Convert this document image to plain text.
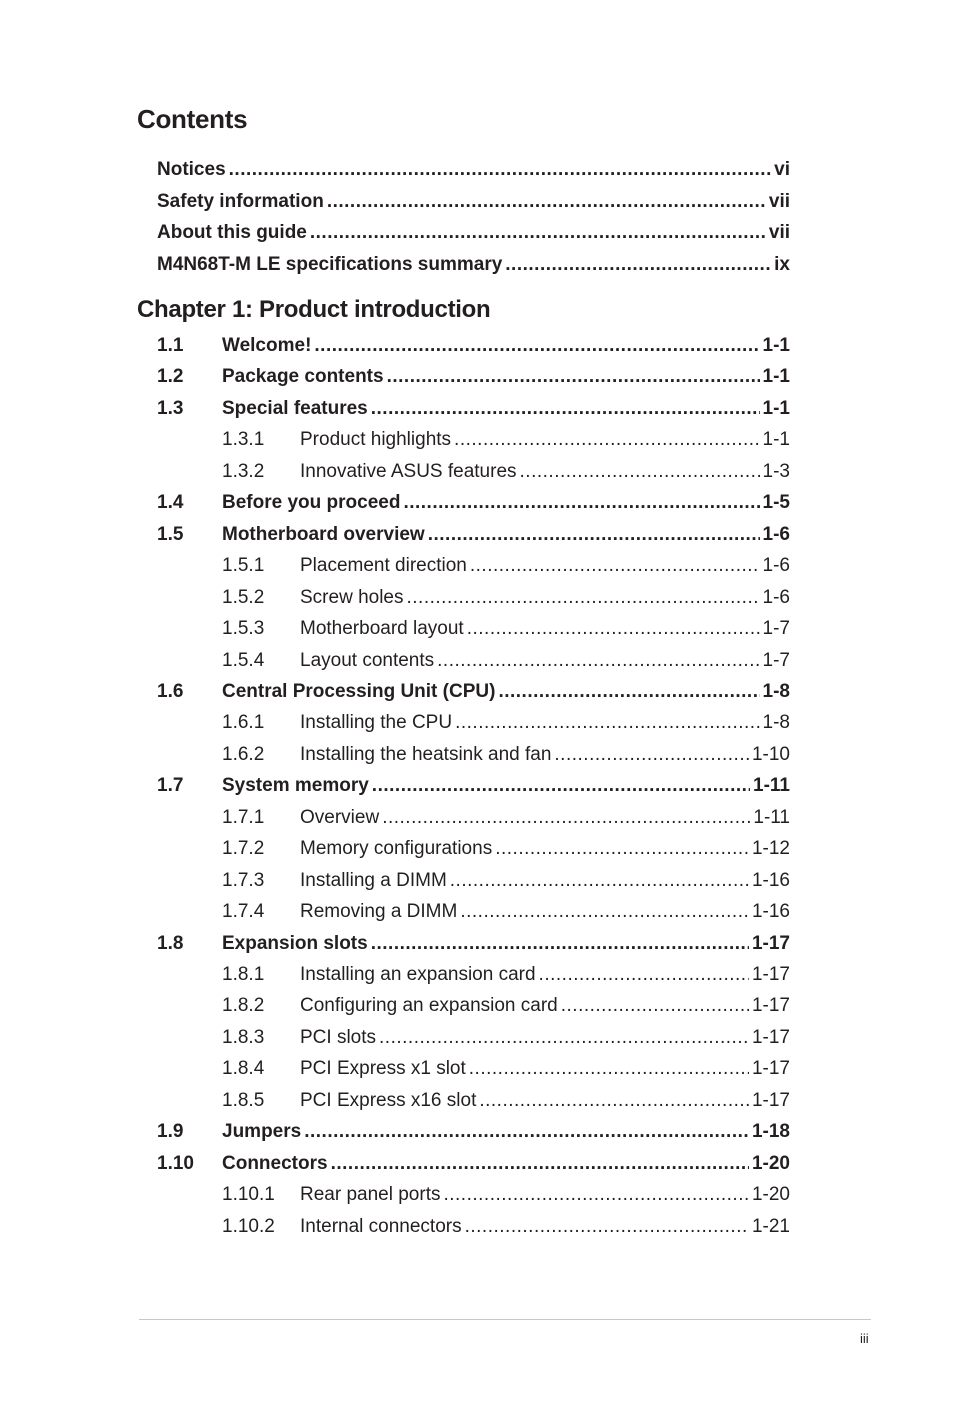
Contents
Notices .....	vi
Safety information .....	vii
About this guide .....	vii
M4N68T-M LE specifications summary .....	ix
Chapter 1: Product introduction
1.1	Welcome! .....	1-1
1.2	Package contents .....	1-1
1.3	Special features .....	1-1
1.3.1	Product highlights .....	1-1
1.3.2	Innovative ASUS features .....	1-3
1.4	Before you proceed .....	1-5
1.5	Motherboard overview .....	1-6
1.5.1	Placement direction .....	1-6
1.5.2	Screw holes .....	1-6
1.5.3	Motherboard layout .....	1-7
1.5.4	Layout contents .....	1-7
1.6	Central Processing Unit (CPU) .....	1-8
1.6.1	Installing the CPU .....	1-8
1.6.2	Installing the heatsink and fan .....	1-10
1.7	System memory .....	1-11
1.7.1	Overview .....	1-11
1.7.2	Memory configurations .....	1-12
1.7.3	Installing a DIMM .....	1-16
1.7.4	Removing a DIMM .....	1-16
1.8	Expansion slots .....	1-17
1.8.1	Installing an expansion card .....	1-17
1.8.2	Configuring an expansion card .....	1-17
1.8.3	PCI slots .....	1-17
1.8.4	PCI Express x1 slot .....	1-17
1.8.5	PCI Express x16 slot .....	1-17
1.9	Jumpers .....	1-18
1.10	Connectors .....	1-20
1.10.1	Rear panel ports .....	1-20
1.10.2	Internal connectors .....	1-21
iii
